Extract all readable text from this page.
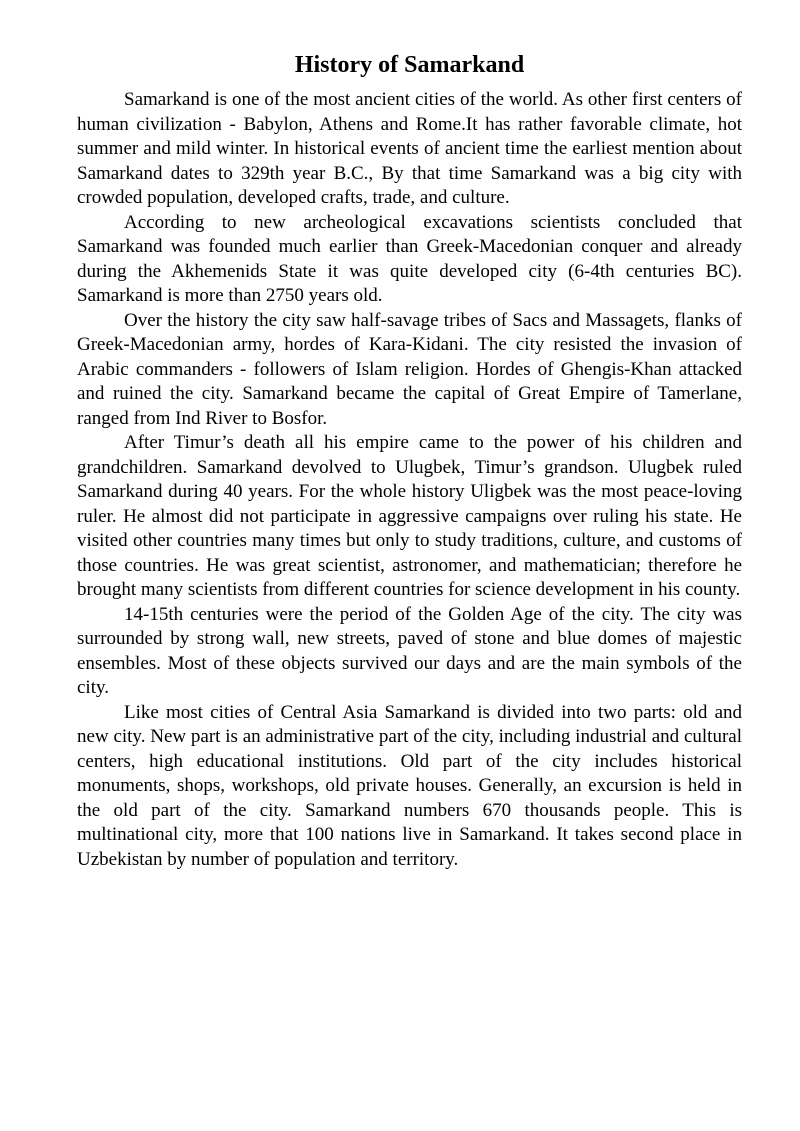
History of Samarkand

Samarkand is one of the most ancient cities of the world. As other first centers of human civilization - Babylon, Athens and Rome.It has rather favorable climate, hot summer and mild winter. In historical events of ancient time the earliest mention about Samarkand dates to 329th year B.C., By that time Samarkand was a big city with crowded population, developed crafts, trade, and culture.

According to new archeological excavations scientists concluded that Samarkand was founded much earlier than Greek-Macedonian conquer and already during the Akhemenids State it was quite developed city (6-4th centuries BC). Samarkand is more than 2750 years old.

Over the history the city saw half-savage tribes of Sacs and Massagets, flanks of Greek-Macedonian army, hordes of Kara-Kidani. The city resisted the invasion of Arabic commanders - followers of Islam religion. Hordes of Ghengis-Khan attacked and ruined the city. Samarkand became the capital of Great Empire of Tamerlane, ranged from Ind River to Bosfor.

After Timur’s death all his empire came to the power of his children and grandchildren. Samarkand devolved to Ulugbek, Timur’s grandson. Ulugbek ruled Samarkand during 40 years. For the whole history Uligbek was the most peace-loving ruler. He almost did not participate in aggressive campaigns over ruling his state. He visited other countries many times but only to study traditions, culture, and customs of those countries. He was great scientist, astronomer, and mathematician; therefore he brought many scientists from different countries for science development in his county.

14-15th centuries were the period of the Golden Age of the city. The city was surrounded by strong wall, new streets, paved of stone and blue domes of majestic ensembles. Most of these objects survived our days and are the main symbols of the city.

Like most cities of Central Asia Samarkand is divided into two parts: old and new city. New part is an administrative part of the city, including industrial and cultural centers, high educational institutions. Old part of the city includes historical monuments, shops, workshops, old private houses. Generally, an excursion is held in the old part of the city. Samarkand numbers 670 thousands people. This is multinational city, more that 100 nations live in Samarkand. It takes second place in Uzbekistan by number of population and territory.
